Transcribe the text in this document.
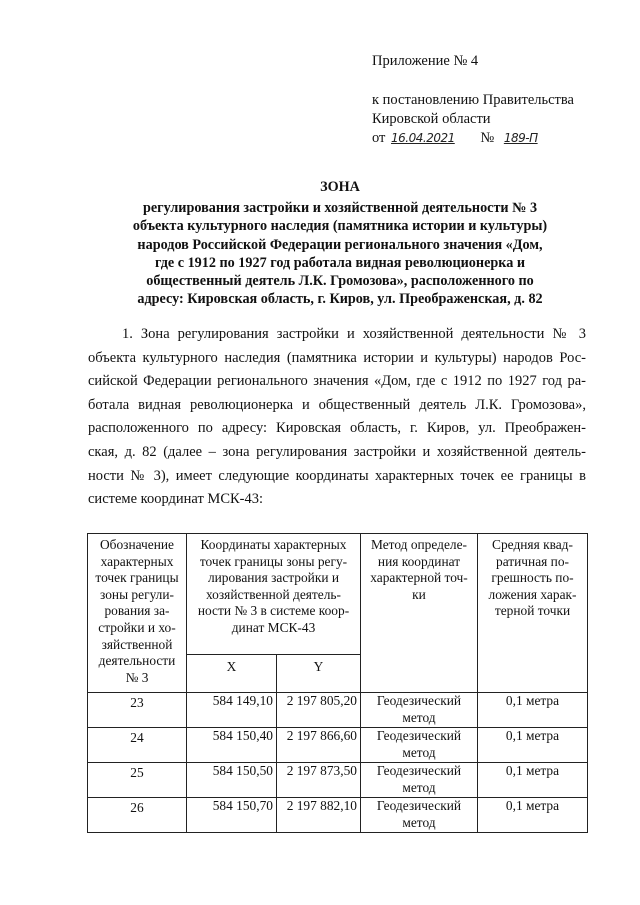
Приложение № 4
к постановлению Правительства
Кировской области
от 16.04.2021 № 189-П
ЗОНА
регулирования застройки и хозяйственной деятельности № 3
объекта культурного наследия (памятника истории и культуры)
народов Российской Федерации регионального значения «Дом,
где с 1912 по 1927 год работала видная революционерка и
общественный деятель Л.К. Громозова», расположенного по
адресу: Кировская область, г. Киров, ул. Преображенская, д. 82
1. Зона регулирования застройки и хозяйственной деятельности № 3
объекта культурного наследия (памятника истории и культуры) народов Рос-
сийской Федерации регионального значения «Дом, где с 1912 по 1927 год ра-
ботала видная революционерка и общественный деятель Л.К. Громозова»,
расположенного по адресу: Кировская область, г. Киров, ул. Преображен-
ская, д. 82 (далее – зона регулирования застройки и хозяйственной деятель-
ности № 3), имеет следующие координаты характерных точек ее границы в
системе координат МСК-43:
Обозначение характерных точек границы зоны регули-рования за-стройки и хо-зяйственной деятельности № 3	Координаты характерных точек границы зоны регу-лирования застройки и хозяйственной деятель-ности № 3 в системе коор-динат МСК-43		Метод определе-ния координат характерной точ-ки	Средняя квад-ратичная по-грешность по-ложения харак-терной точки
	X	Y		
23	584 149,10	2 197 805,20	Геодезический метод	0,1 метра
24	584 150,40	2 197 866,60	Геодезический метод	0,1 метра
25	584 150,50	2 197 873,50	Геодезический метод	0,1 метра
26	584 150,70	2 197 882,10	Геодезический метод	0,1 метра
